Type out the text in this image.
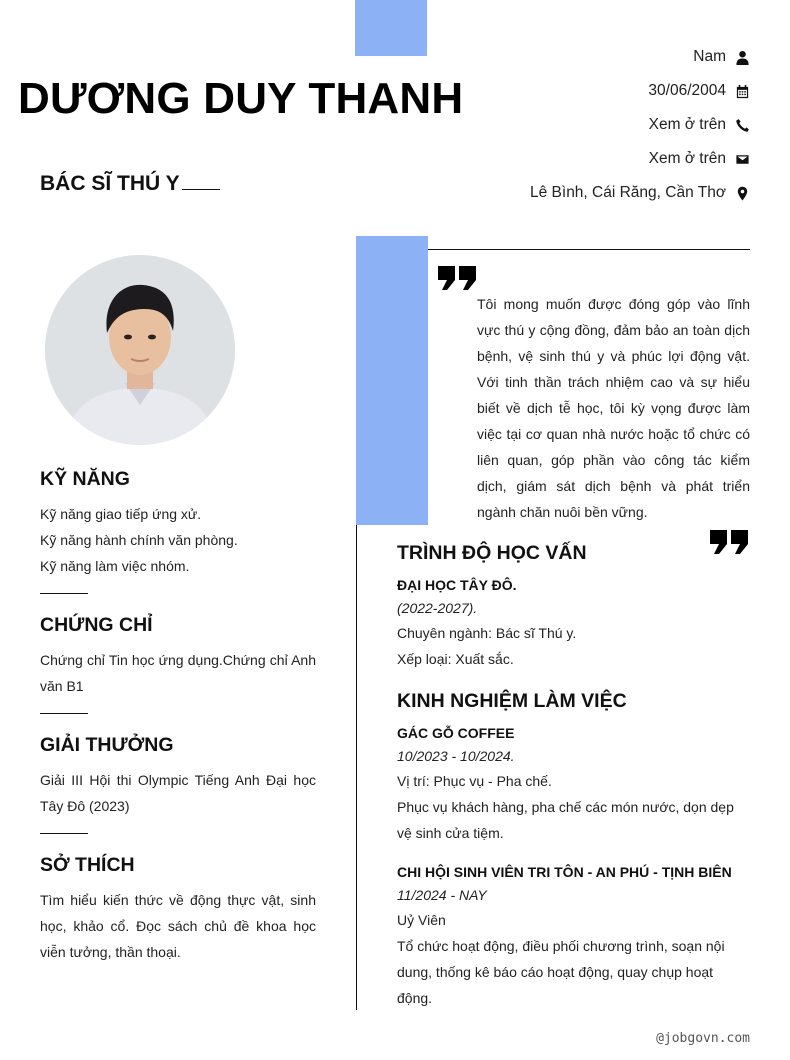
DƯƠNG DUY THANH
BÁC SĨ THÚ Y
Nam
30/06/2004
Xem ở trên
Xem ở trên
Lê Bình, Cái Răng, Cần Thơ
KỸ NĂNG
Kỹ năng giao tiếp ứng xử.
Kỹ năng hành chính văn phòng.
Kỹ năng làm việc nhóm.
CHỨNG CHỈ

Chứng chỉ Tin học ứng dụng.Chứng chỉ Anh văn B1

GIẢI THƯỞNG

Giải III Hội thi Olympic Tiếng Anh Đại học Tây Đô (2023)

SỞ THÍCH

Tìm hiểu kiến thức về động thực vật, sinh học, khảo cổ. Đọc sách chủ đề khoa học viễn tưởng, thần thoại.

Tôi mong muốn được đóng góp vào lĩnh vực thú y cộng đồng, đảm bảo an toàn dịch bệnh, vệ sinh thú y và phúc lợi động vật. Với tinh thần trách nhiệm cao và sự hiểu biết về dịch tễ học, tôi kỳ vọng được làm việc tại cơ quan nhà nước hoặc tổ chức có liên quan, góp phần vào công tác kiểm dịch, giám sát dịch bệnh và phát triển ngành chăn nuôi bền vững.

TRÌNH ĐỘ HỌC VẤN
ĐẠI HỌC TÂY ĐÔ.
(2022-2027).
Chuyên ngành: Bác sĩ Thú y.
Xếp loại: Xuất sắc.
KINH NGHIỆM LÀM VIỆC
GÁC GỖ COFFEE
10/2023 - 10/2024.
Vị trí: Phục vụ - Pha chế.
Phục vụ khách hàng, pha chế các món nước, dọn dẹp vệ sinh cửa tiệm.
CHI HỘI SINH VIÊN TRI TÔN - AN PHÚ - TỊNH BIÊN
11/2024 - NAY
Uỷ Viên
Tổ chức hoạt động, điều phối chương trình, soạn nội dung, thống kê báo cáo hoạt động, quay chụp hoạt động.
@jobgovn.com
